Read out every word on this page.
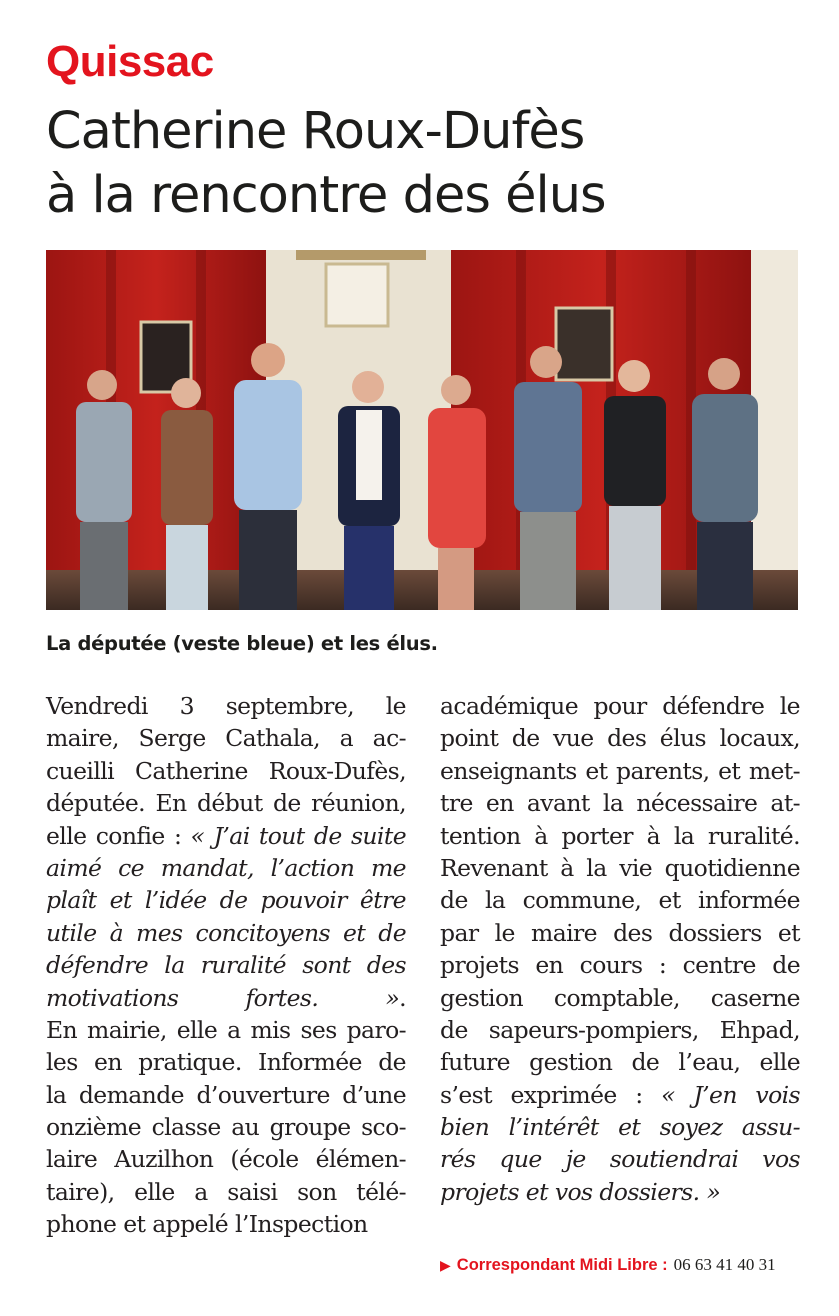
Quissac
Catherine Roux-Dufès
à la rencontre des élus
La députée (veste bleue) et les élus.
Vendredi 3 septembre, le
maire, Serge Cathala, a ac-
cueilli Catherine Roux-Dufès,
députée. En début de réunion,
elle confie : « J’ai tout de suite
aimé ce mandat, l’action me
plaît et l’idée de pouvoir être
utile à mes concitoyens et de
défendre la ruralité sont des
motivations fortes. ».
En mairie, elle a mis ses paro-
les en pratique. Informée de
la demande d’ouverture d’une
onzième classe au groupe sco-
laire Auzilhon (école élémen-
taire), elle a saisi son télé-
phone et appelé l’Inspection
académique pour défendre le
point de vue des élus locaux,
enseignants et parents, et met-
tre en avant la nécessaire at-
tention à porter à la ruralité.
Revenant à la vie quotidienne
de la commune, et informée
par le maire des dossiers et
projets en cours : centre de
gestion comptable, caserne
de sapeurs-pompiers, Ehpad,
future gestion de l’eau, elle
s’est exprimée : « J’en vois
bien l’intérêt et soyez assu-
rés que je soutiendrai vos
projets et vos dossiers. »
▶ Correspondant Midi Libre : 06 63 41 40 31
